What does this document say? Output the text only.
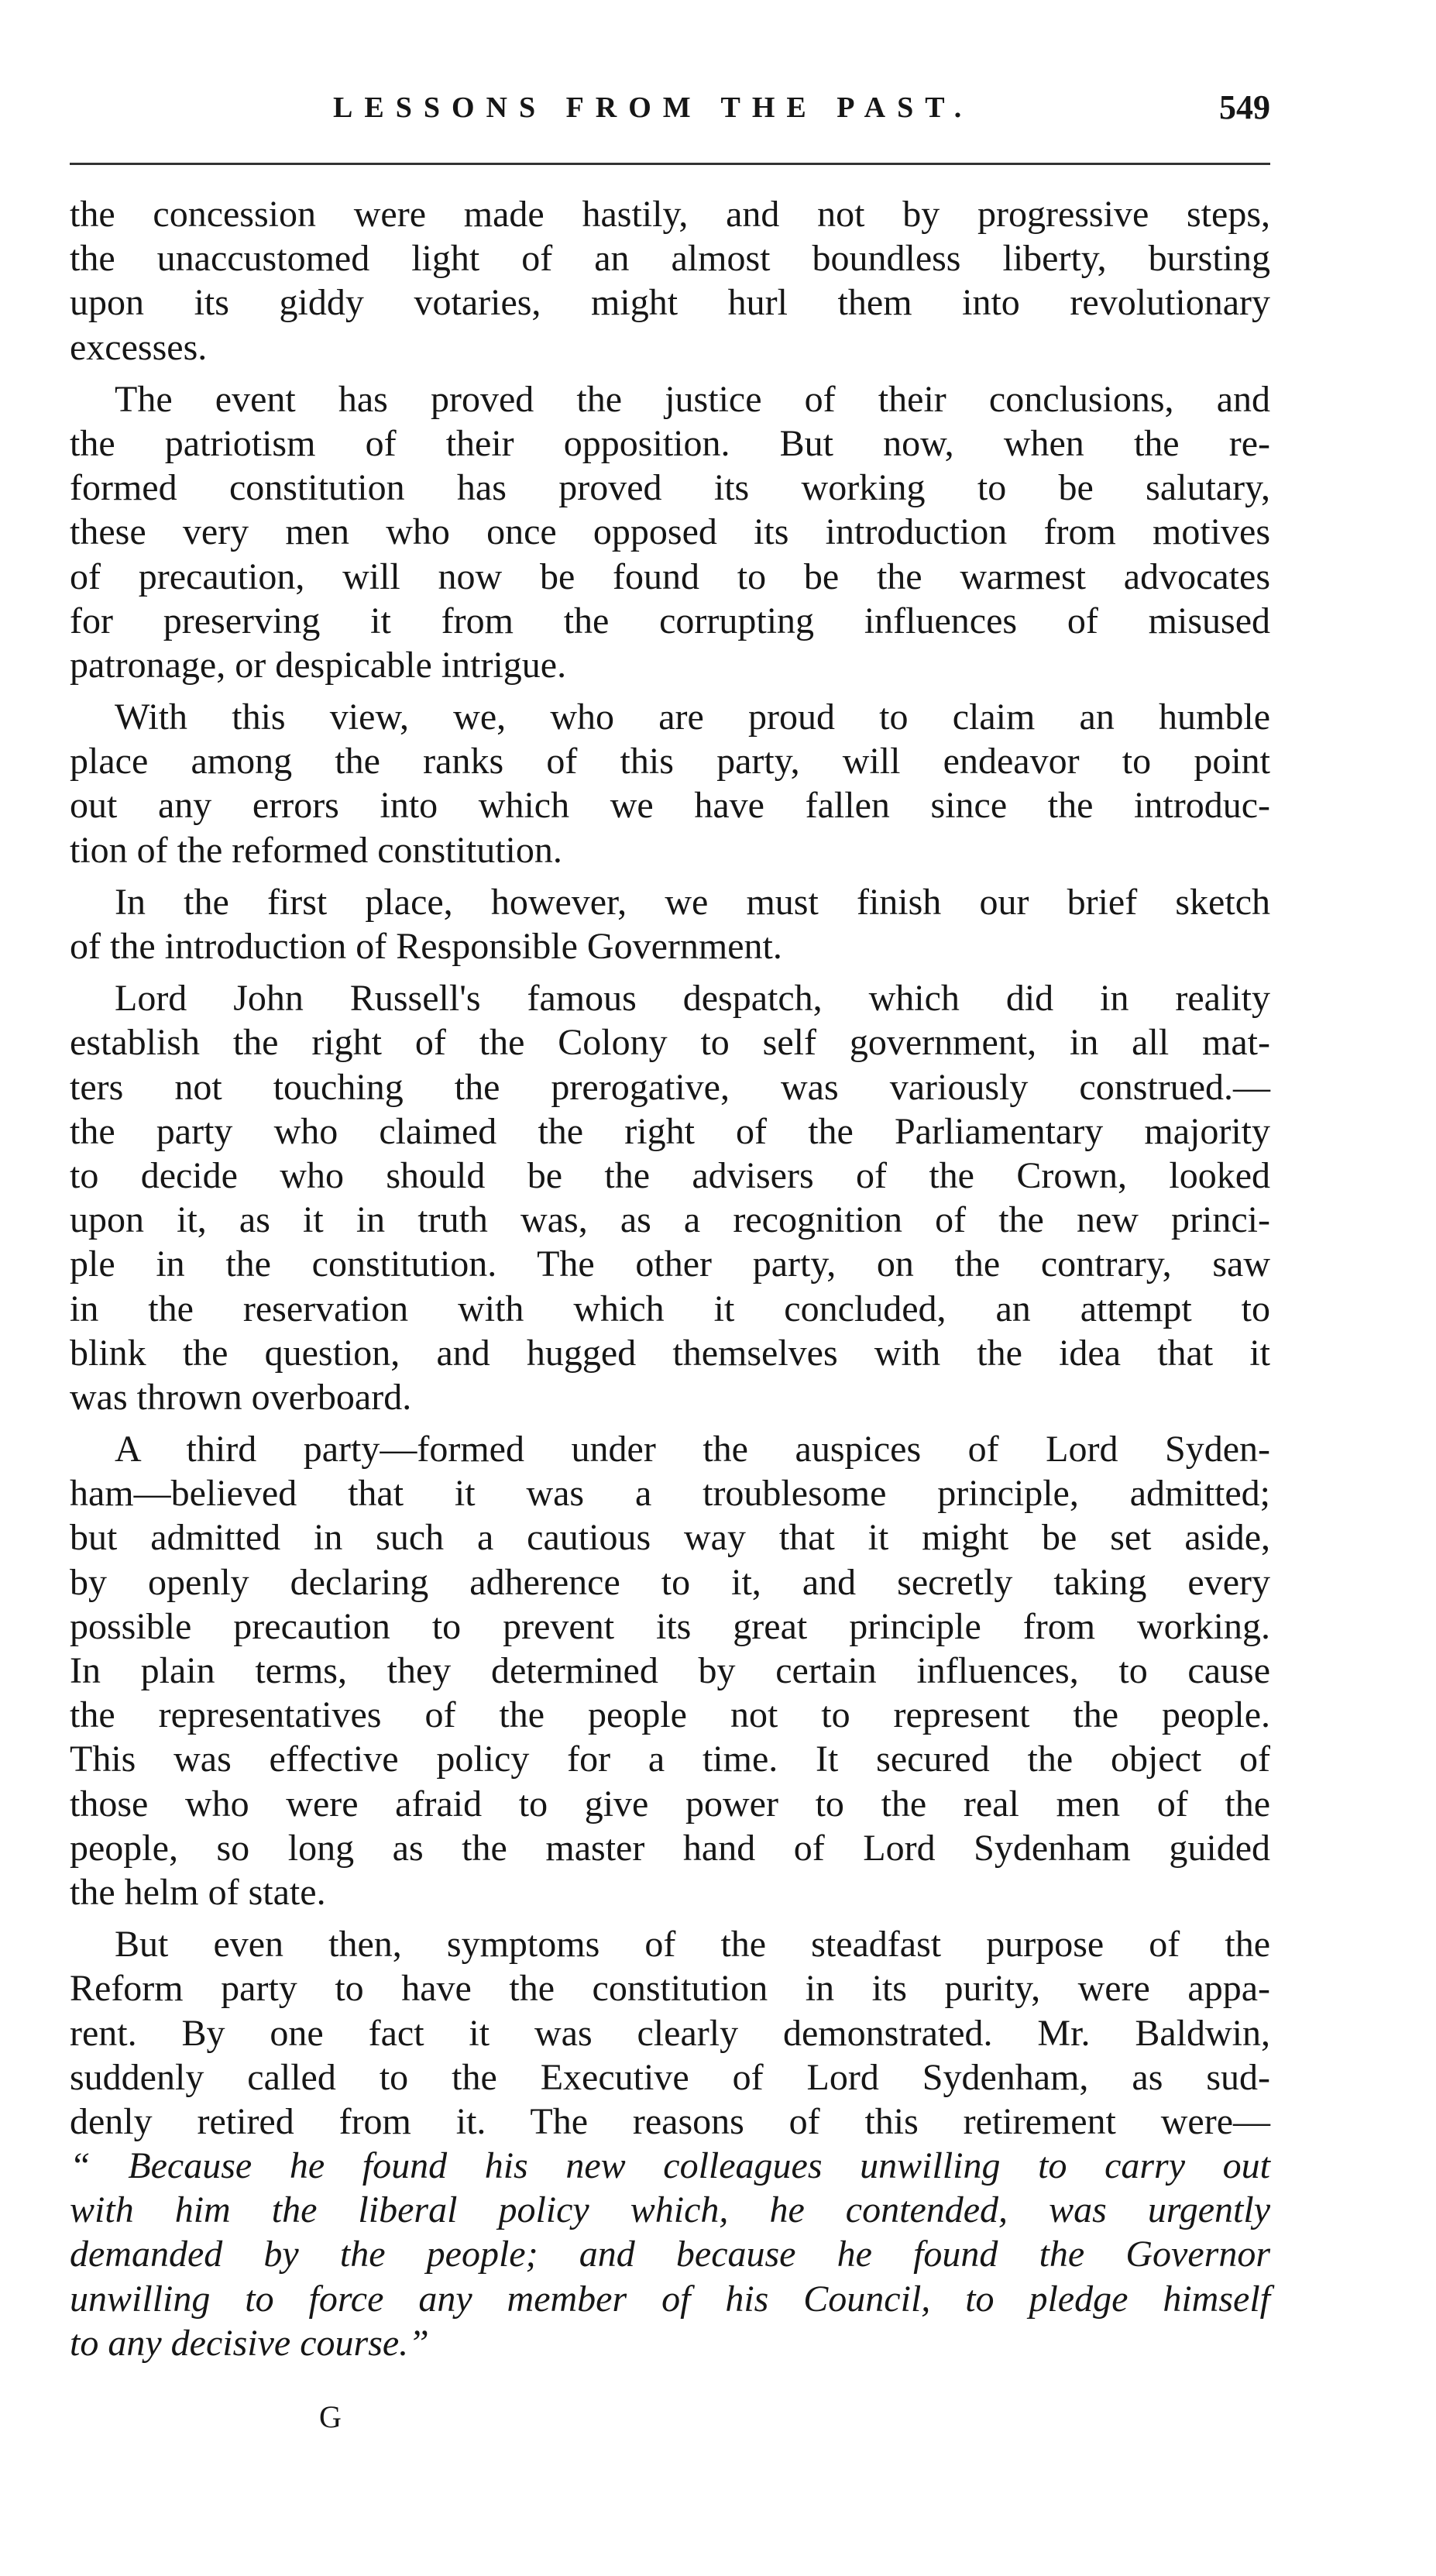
LESSONS FROM THE PAST.	549
the concession were made hastily, and not by progressive steps,
the unaccustomed light of an almost boundless liberty, bursting
upon its giddy votaries, might hurl them into revolutionary
excesses.
The event has proved the justice of their conclusions, and
the patriotism of their opposition. But now, when the re-
formed constitution has proved its working to be salutary,
these very men who once opposed its introduction from motives
of precaution, will now be found to be the warmest advocates
for preserving it from the corrupting influences of misused
patronage, or despicable intrigue.
With this view, we, who are proud to claim an humble
place among the ranks of this party, will endeavor to point
out any errors into which we have fallen since the introduc-
tion of the reformed constitution.
In the first place, however, we must finish our brief sketch
of the introduction of Responsible Government.
Lord John Russell's famous despatch, which did in reality
establish the right of the Colony to self government, in all mat-
ters not touching the prerogative, was variously construed.—
the party who claimed the right of the Parliamentary majority
to decide who should be the advisers of the Crown, looked
upon it, as it in truth was, as a recognition of the new princi-
ple in the constitution. The other party, on the contrary, saw
in the reservation with which it concluded, an attempt to
blink the question, and hugged themselves with the idea that it
was thrown overboard.
A third party—formed under the auspices of Lord Syden-
ham—believed that it was a troublesome principle, admitted;
but admitted in such a cautious way that it might be set aside,
by openly declaring adherence to it, and secretly taking every
possible precaution to prevent its great principle from working.
In plain terms, they determined by certain influences, to cause
the representatives of the people not to represent the people.
This was effective policy for a time. It secured the object of
those who were afraid to give power to the real men of the
people, so long as the master hand of Lord Sydenham guided
the helm of state.
But even then, symptoms of the steadfast purpose of the
Reform party to have the constitution in its purity, were appa-
rent. By one fact it was clearly demonstrated. Mr. Baldwin,
suddenly called to the Executive of Lord Sydenham, as sud-
denly retired from it. The reasons of this retirement were—
“ Because he found his new colleagues unwilling to carry out
with him the liberal policy which, he contended, was urgently
demanded by the people; and because he found the Governor
unwilling to force any member of his Council, to pledge himself
to any decisive course.”
G
